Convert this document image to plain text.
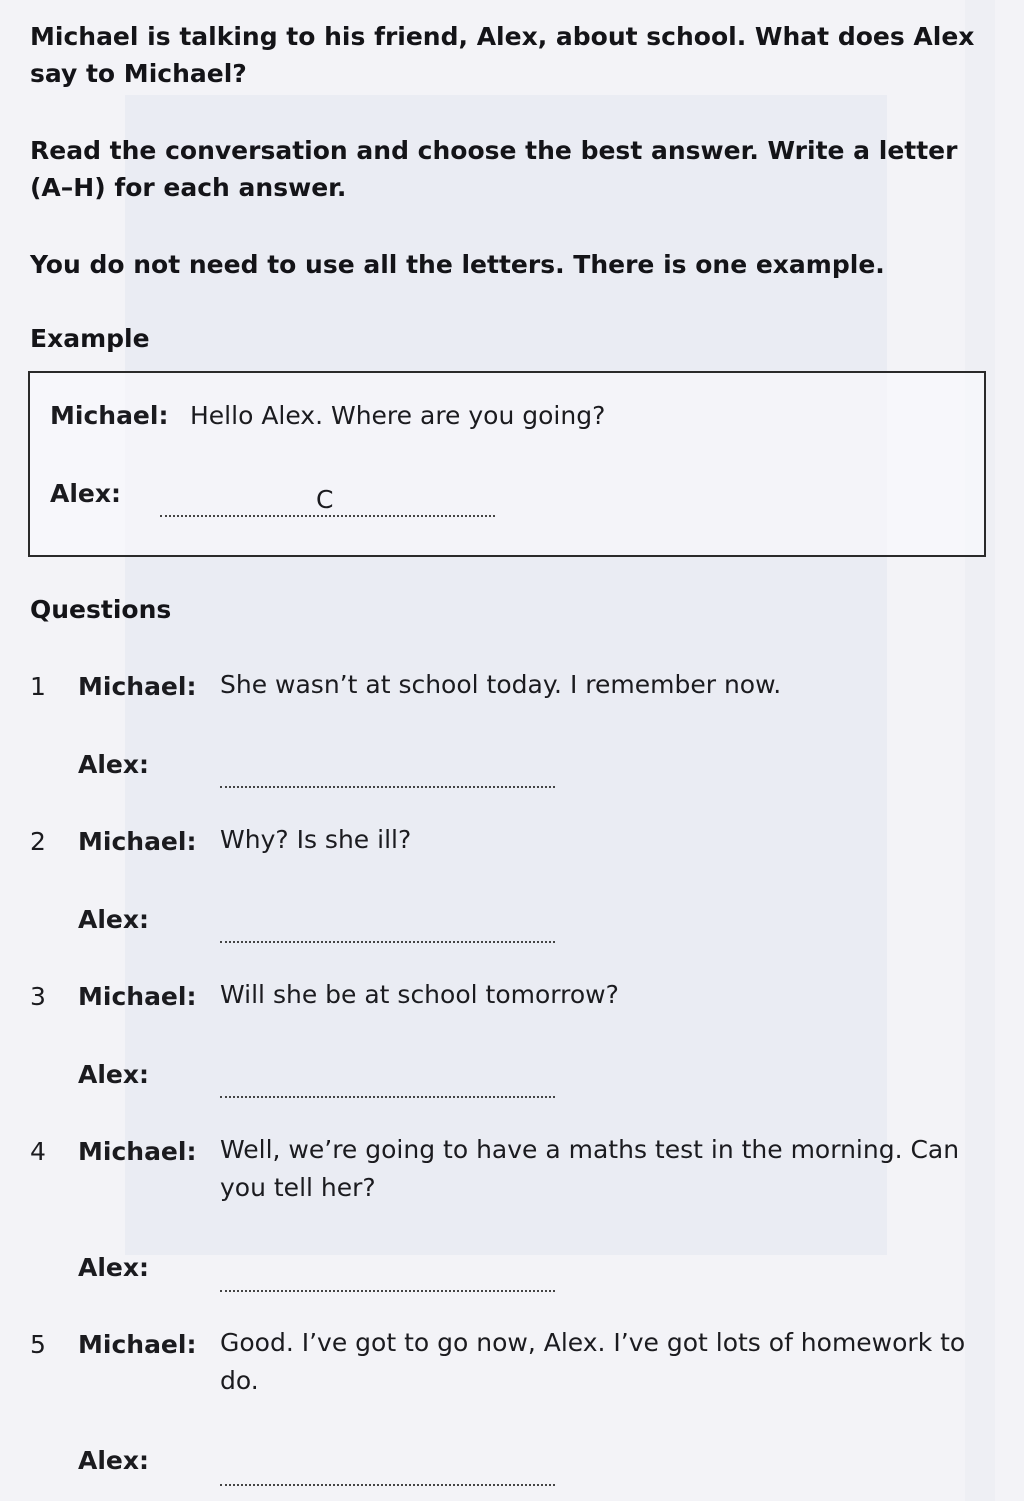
Michael is talking to his friend, Alex, about school. What does Alex say to Michael?
Read the conversation and choose the best answer. Write a letter (A–H) for each answer.
You do not need to use all the letters. There is one example.
Example
Michael: Hello Alex. Where are you going?
Alex:	C
Questions
1 Michael: She wasn’t at school today. I remember now.
Alex:
2 Michael: Why? Is she ill?
Alex:
3 Michael: Will she be at school tomorrow?
Alex:
4 Michael: Well, we’re going to have a maths test in the morning. Can you tell her?
Alex:
5 Michael: Good. I’ve got to go now, Alex. I’ve got lots of homework to do.
Alex:
